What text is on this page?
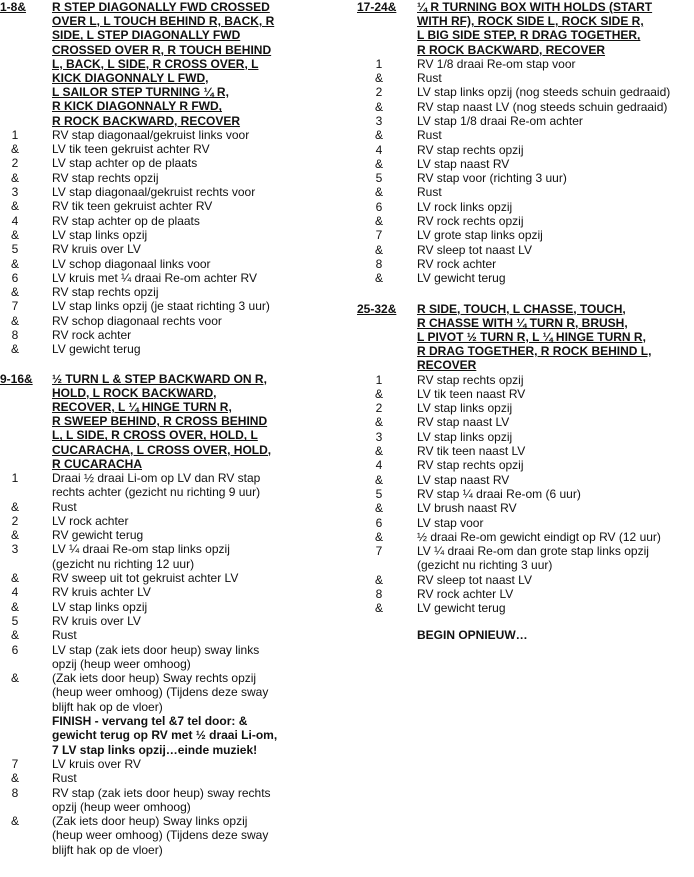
1-8&	R STEP DIAGONALLY FWD CROSSED
OVER L, L TOUCH BEHIND R, BACK, R
SIDE, L STEP DIAGONALLY FWD
CROSSED OVER R, R TOUCH BEHIND
L, BACK, L SIDE, R CROSS OVER, L
KICK DIAGONNALY L FWD,
L SAILOR STEP TURNING ¼ R,
R KICK DIAGONNALY R FWD,
R ROCK BACKWARD, RECOVER
1	RV stap diagonaal/gekruist links voor
&	LV tik teen gekruist achter RV
2	LV stap achter op de plaats
&	RV stap rechts opzij
3	LV stap diagonaal/gekruist rechts voor
&	RV tik teen gekruist achter RV
4	RV stap achter op de plaats
&	LV stap links opzij
5	RV kruis over LV
&	LV schop diagonaal links voor
6	LV kruis met ¼ draai Re-om achter RV
&	RV stap rechts opzij
7	LV stap links opzij (je staat richting 3 uur)
&	RV schop diagonaal rechts voor
8	RV rock achter
&	LV gewicht terug
9-16&	½ TURN L & STEP BACKWARD ON R,
HOLD, L ROCK BACKWARD,
RECOVER, L ¼ HINGE TURN R,
R SWEEP BEHIND, R CROSS BEHIND
L, L SIDE, R CROSS OVER, HOLD, L
CUCARACHA, L CROSS OVER, HOLD,
R CUCARACHA
1	Draai ½ draai Li-om op LV dan RV stap
rechts achter (gezicht nu richting 9 uur)
&	Rust
2	LV rock achter
&	RV gewicht terug
3	LV ¼ draai Re-om stap links opzij
(gezicht nu richting 12 uur)
&	RV sweep uit tot gekruist achter LV
4	RV kruis achter LV
&	LV stap links opzij
5	RV kruis over LV
&	Rust
6	LV stap (zak iets door heup) sway links
opzij (heup weer omhoog)
&	(Zak iets door heup) Sway rechts opzij
(heup weer omhoog) (Tijdens deze sway
blijft hak op de vloer)
FINISH - vervang tel &7 tel door: &
gewicht terug op RV met ½ draai Li-om,
7 LV stap links opzij…einde muziek!
7	LV kruis over RV
&	Rust
8	RV stap (zak iets door heup) sway rechts
opzij (heup weer omhoog)
&	(Zak iets door heup) Sway links opzij
(heup weer omhoog) (Tijdens deze sway
blijft hak op de vloer)
17-24&	¼ R TURNING BOX WITH HOLDS (START
WITH RF), ROCK SIDE L, ROCK SIDE R,
L BIG SIDE STEP, R DRAG TOGETHER,
R ROCK BACKWARD, RECOVER
1	RV 1/8 draai Re-om stap voor
&	Rust
2	LV stap links opzij (nog steeds schuin gedraaid)
&	RV stap naast LV (nog steeds schuin gedraaid)
3	LV stap 1/8 draai Re-om achter
&	Rust
4	RV stap rechts opzij
&	LV stap naast RV
5	RV stap voor (richting 3 uur)
&	Rust
6	LV rock links opzij
&	RV rock rechts opzij
7	LV grote stap links opzij
&	RV sleep tot naast LV
8	RV rock achter
&	LV gewicht terug
25-32&	R SIDE, TOUCH, L CHASSE, TOUCH,
R CHASSE WITH ¼ TURN R, BRUSH,
L PIVOT ½ TURN R, L ¼ HINGE TURN R,
R DRAG TOGETHER, R ROCK BEHIND L,
RECOVER
1	RV stap rechts opzij
&	LV tik teen naast RV
2	LV stap links opzij
&	RV stap naast LV
3	LV stap links opzij
&	RV tik teen naast LV
4	RV stap rechts opzij
&	LV stap naast RV
5	RV stap ¼ draai Re-om (6 uur)
&	LV brush naast RV
6	LV stap voor
&	½ draai Re-om gewicht eindigt op RV (12 uur)
7	LV ¼ draai Re-om dan grote stap links opzij
(gezicht nu richting 3 uur)
&	RV sleep tot naast LV
8	RV rock achter LV
&	LV gewicht terug
BEGIN OPNIEUW…
